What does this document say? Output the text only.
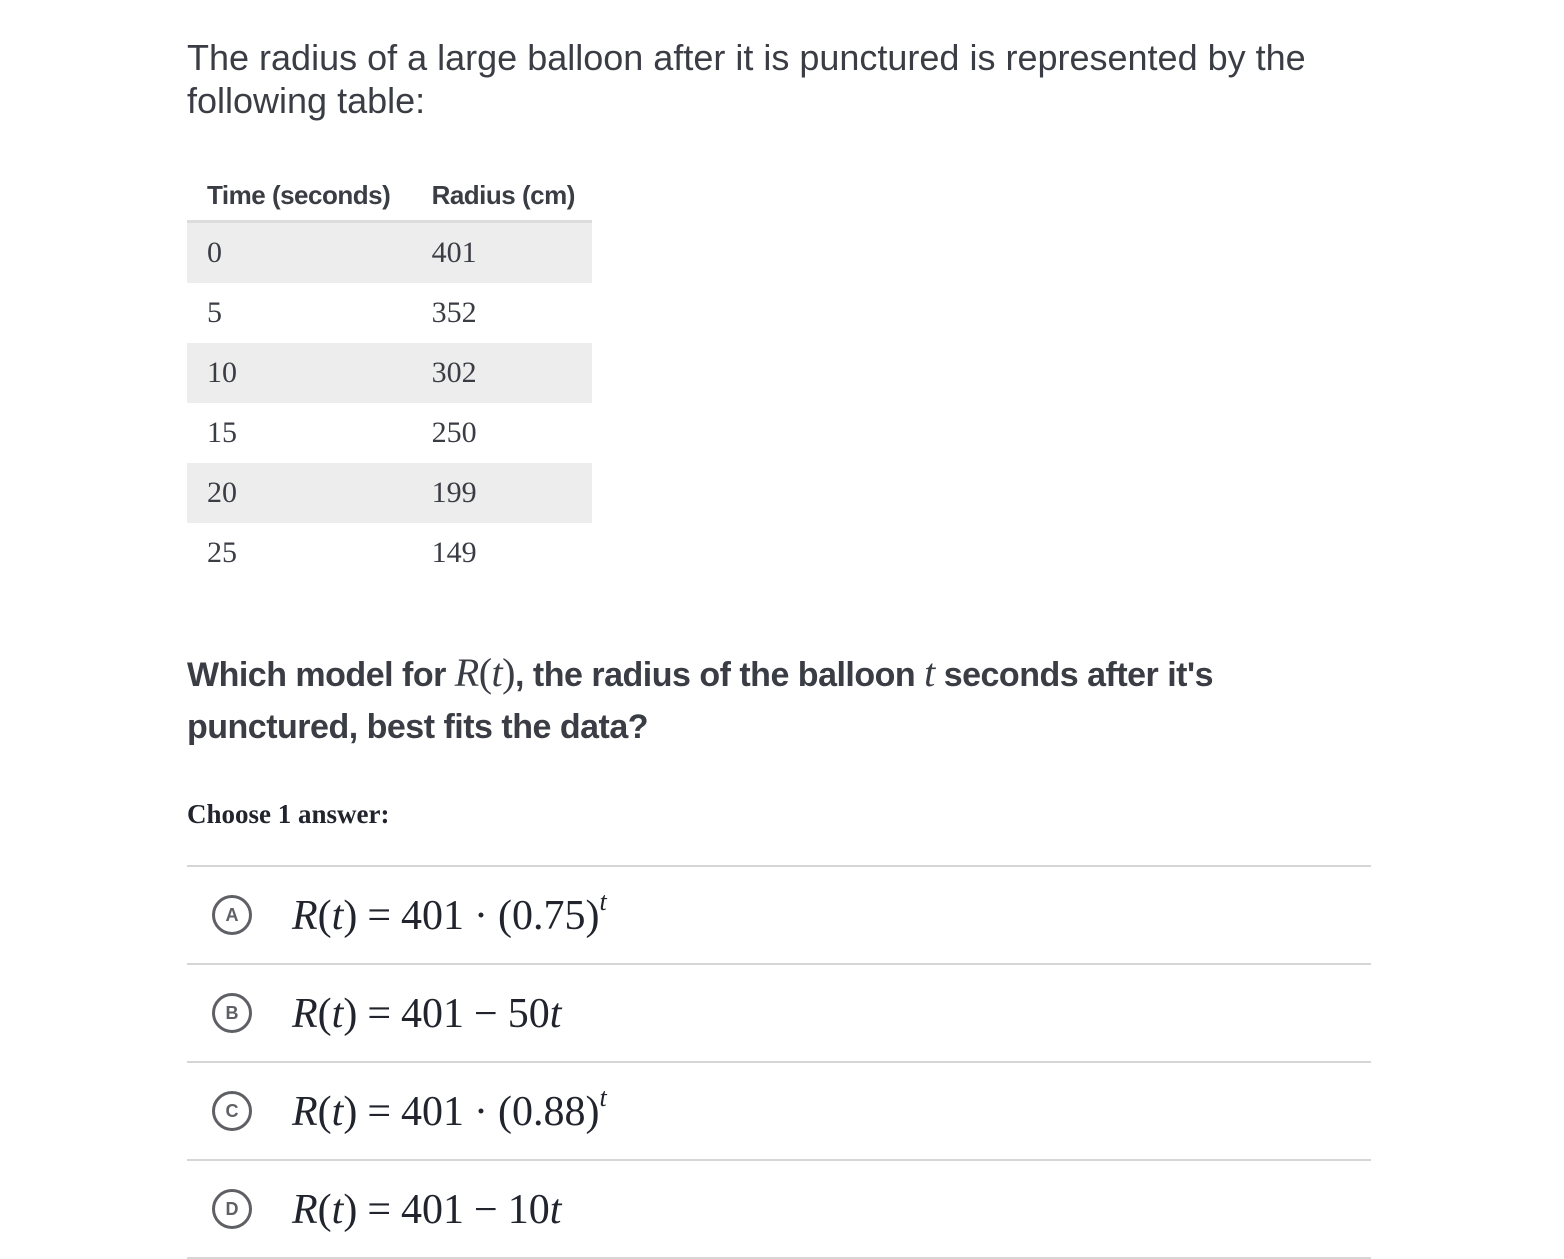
The radius of a large balloon after it is punctured is represented by the following table:

Time (seconds)	Radius (cm)
0	401
5	352
10	302
15	250
20	199
25	149

Which model for R(t), the radius of the balloon t seconds after it's punctured, best fits the data?

Choose 1 answer:
A	$R(t) = 401 \cdot (0.75)^t$
B	R(t) = 401 − 50t
C	$R(t) = 401 \cdot (0.88)^t$
D	R(t) = 401 − 10t
